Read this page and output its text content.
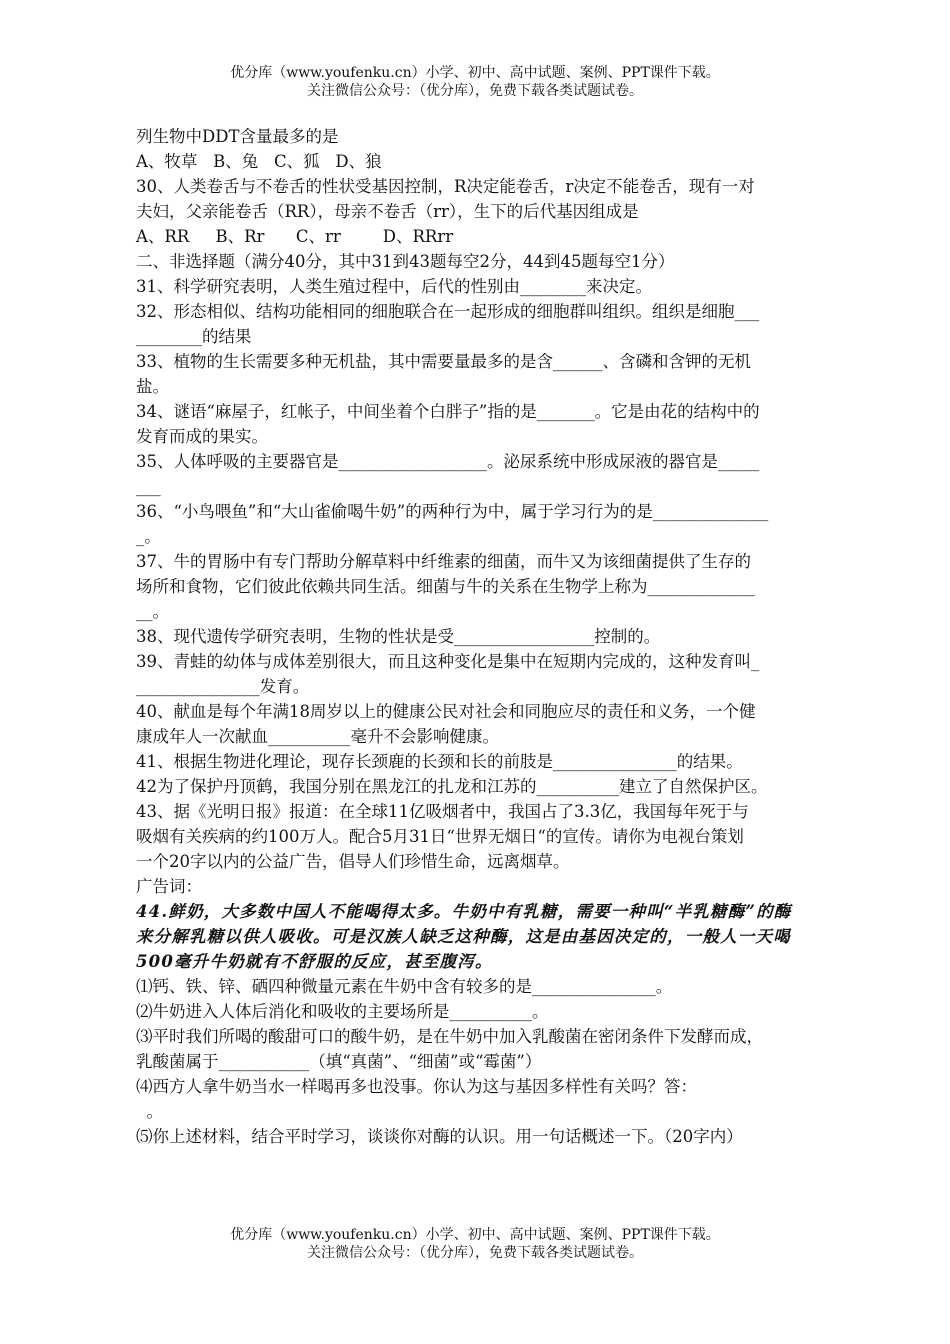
优分库（www.youfenku.cn）小学、初中、高中试题、案例、PPT课件下载。
关注微信公众号：（优分库），免费下载各类试题试卷。
列生物中DDT含量最多的是
A、牧草   B、兔   C、狐   D、狼
30、人类卷舌与不卷舌的性状受基因控制，R决定能卷舌，r决定不能卷舌，现有一对
夫妇，父亲能卷舌（RR），母亲不卷舌（rr），生下的后代基因组成是
A、RR     B、Rr      C、rr        D、RRrr
二、非选择题（满分40分，其中31到43题每空2分，44到45题每空1分）
31、科学研究表明，人类生殖过程中，后代的性别由________来决定。
32、形态相似、结构功能相同的细胞联合在一起形成的细胞群叫组织。组织是细胞___
________的结果
33、植物的生长需要多种无机盐，其中需要量最多的是含______、含磷和含钾的无机
盐。
34、谜语“麻屋子，红帐子，中间坐着个白胖子”指的是_______。它是由花的结构中的
发育而成的果实。
35、人体呼吸的主要器官是__________________。泌尿系统中形成尿液的器官是_____
___
36、“小鸟喂鱼”和“大山雀偷喝牛奶”的两种行为中，属于学习行为的是______________
_。
37、牛的胃肠中有专门帮助分解草料中纤维素的细菌，而牛又为该细菌提供了生存的
场所和食物，它们彼此依赖共同生活。细菌与牛的关系在生物学上称为_____________
__。
38、现代遗传学研究表明，生物的性状是受_________________控制的。
39、青蛙的幼体与成体差别很大，而且这种变化是集中在短期内完成的，这种发育叫_
_______________发育。
40、献血是每个年满18周岁以上的健康公民对社会和同胞应尽的责任和义务，一个健
康成年人一次献血__________毫升不会影响健康。
41、根据生物进化理论，现存长颈鹿的长颈和长的前肢是_______________的结果。
42为了保护丹顶鹤，我国分别在黑龙江的扎龙和江苏的__________建立了自然保护区。
43、据《光明日报》报道：在全球11亿吸烟者中，我国占了3.3亿，我国每年死于与
吸烟有关疾病的约100万人。配合5月31日“世界无烟日“的宣传。请你为电视台策划
一个20字以内的公益广告，倡导人们珍惜生命，远离烟草。
广告词：
44.鲜奶，大多数中国人不能喝得太多。牛奶中有乳糖，需要一种叫“半乳糖酶”的酶
来分解乳糖以供人吸收。可是汉族人缺乏这种酶，这是由基因决定的，一般人一天喝
500毫升牛奶就有不舒服的反应，甚至腹泻。
⑴钙、铁、锌、硒四种微量元素在牛奶中含有较多的是_______________。
⑵牛奶进入人体后消化和吸收的主要场所是__________。
⑶平时我们所喝的酸甜可口的酸牛奶，是在牛奶中加入乳酸菌在密闭条件下发酵而成，
乳酸菌属于___________（填“真菌”、“细菌”或“霉菌”）
⑷西方人拿牛奶当水一样喝再多也没事。你认为这与基因多样性有关吗？答：
。
⑸你上述材料，结合平时学习，谈谈你对酶的认识。用一句话概述一下。（20字内）
优分库（www.youfenku.cn）小学、初中、高中试题、案例、PPT课件下载。
关注微信公众号：（优分库），免费下载各类试题试卷。
